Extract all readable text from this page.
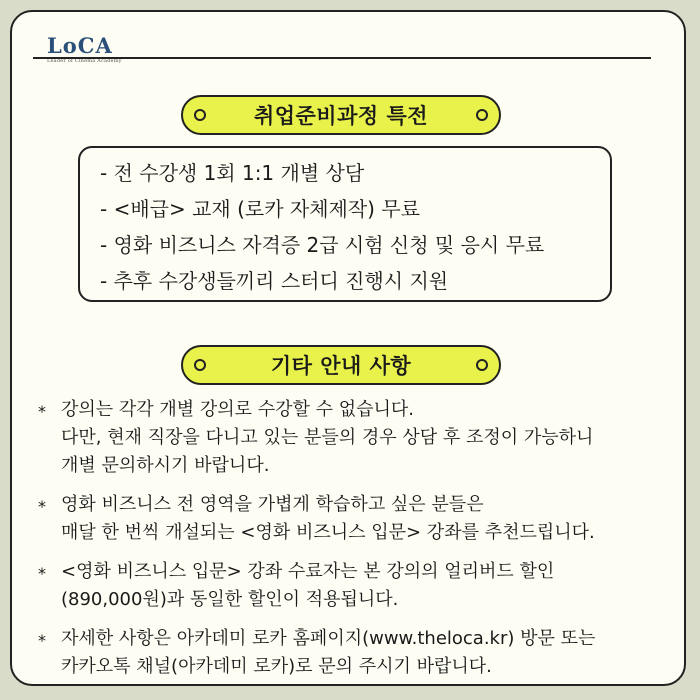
LoCA
Leader of Cinema Academy
취업준비과정 특전
- 전 수강생 1회 1:1 개별 상담
- <배급> 교재 (로카 자체제작) 무료
- 영화 비즈니스 자격증 2급 시험 신청 및 응시 무료
- 추후 수강생들끼리 스터디 진행시 지원
기타 안내 사항
* 강의는 각각 개별 강의로 수강할 수 없습니다.
다만, 현재 직장을 다니고 있는 분들의 경우 상담 후 조정이 가능하니
개별 문의하시기 바랍니다.
* 영화 비즈니스 전 영역을 가볍게 학습하고 싶은 분들은
매달 한 번씩 개설되는 <영화 비즈니스 입문> 강좌를 추천드립니다.
* <영화 비즈니스 입문> 강좌 수료자는 본 강의의 얼리버드 할인
(890,000원)과 동일한 할인이 적용됩니다.
* 자세한 사항은 아카데미 로카 홈페이지(www.theloca.kr) 방문 또는
카카오톡 채널(아카데미 로카)로 문의 주시기 바랍니다.
